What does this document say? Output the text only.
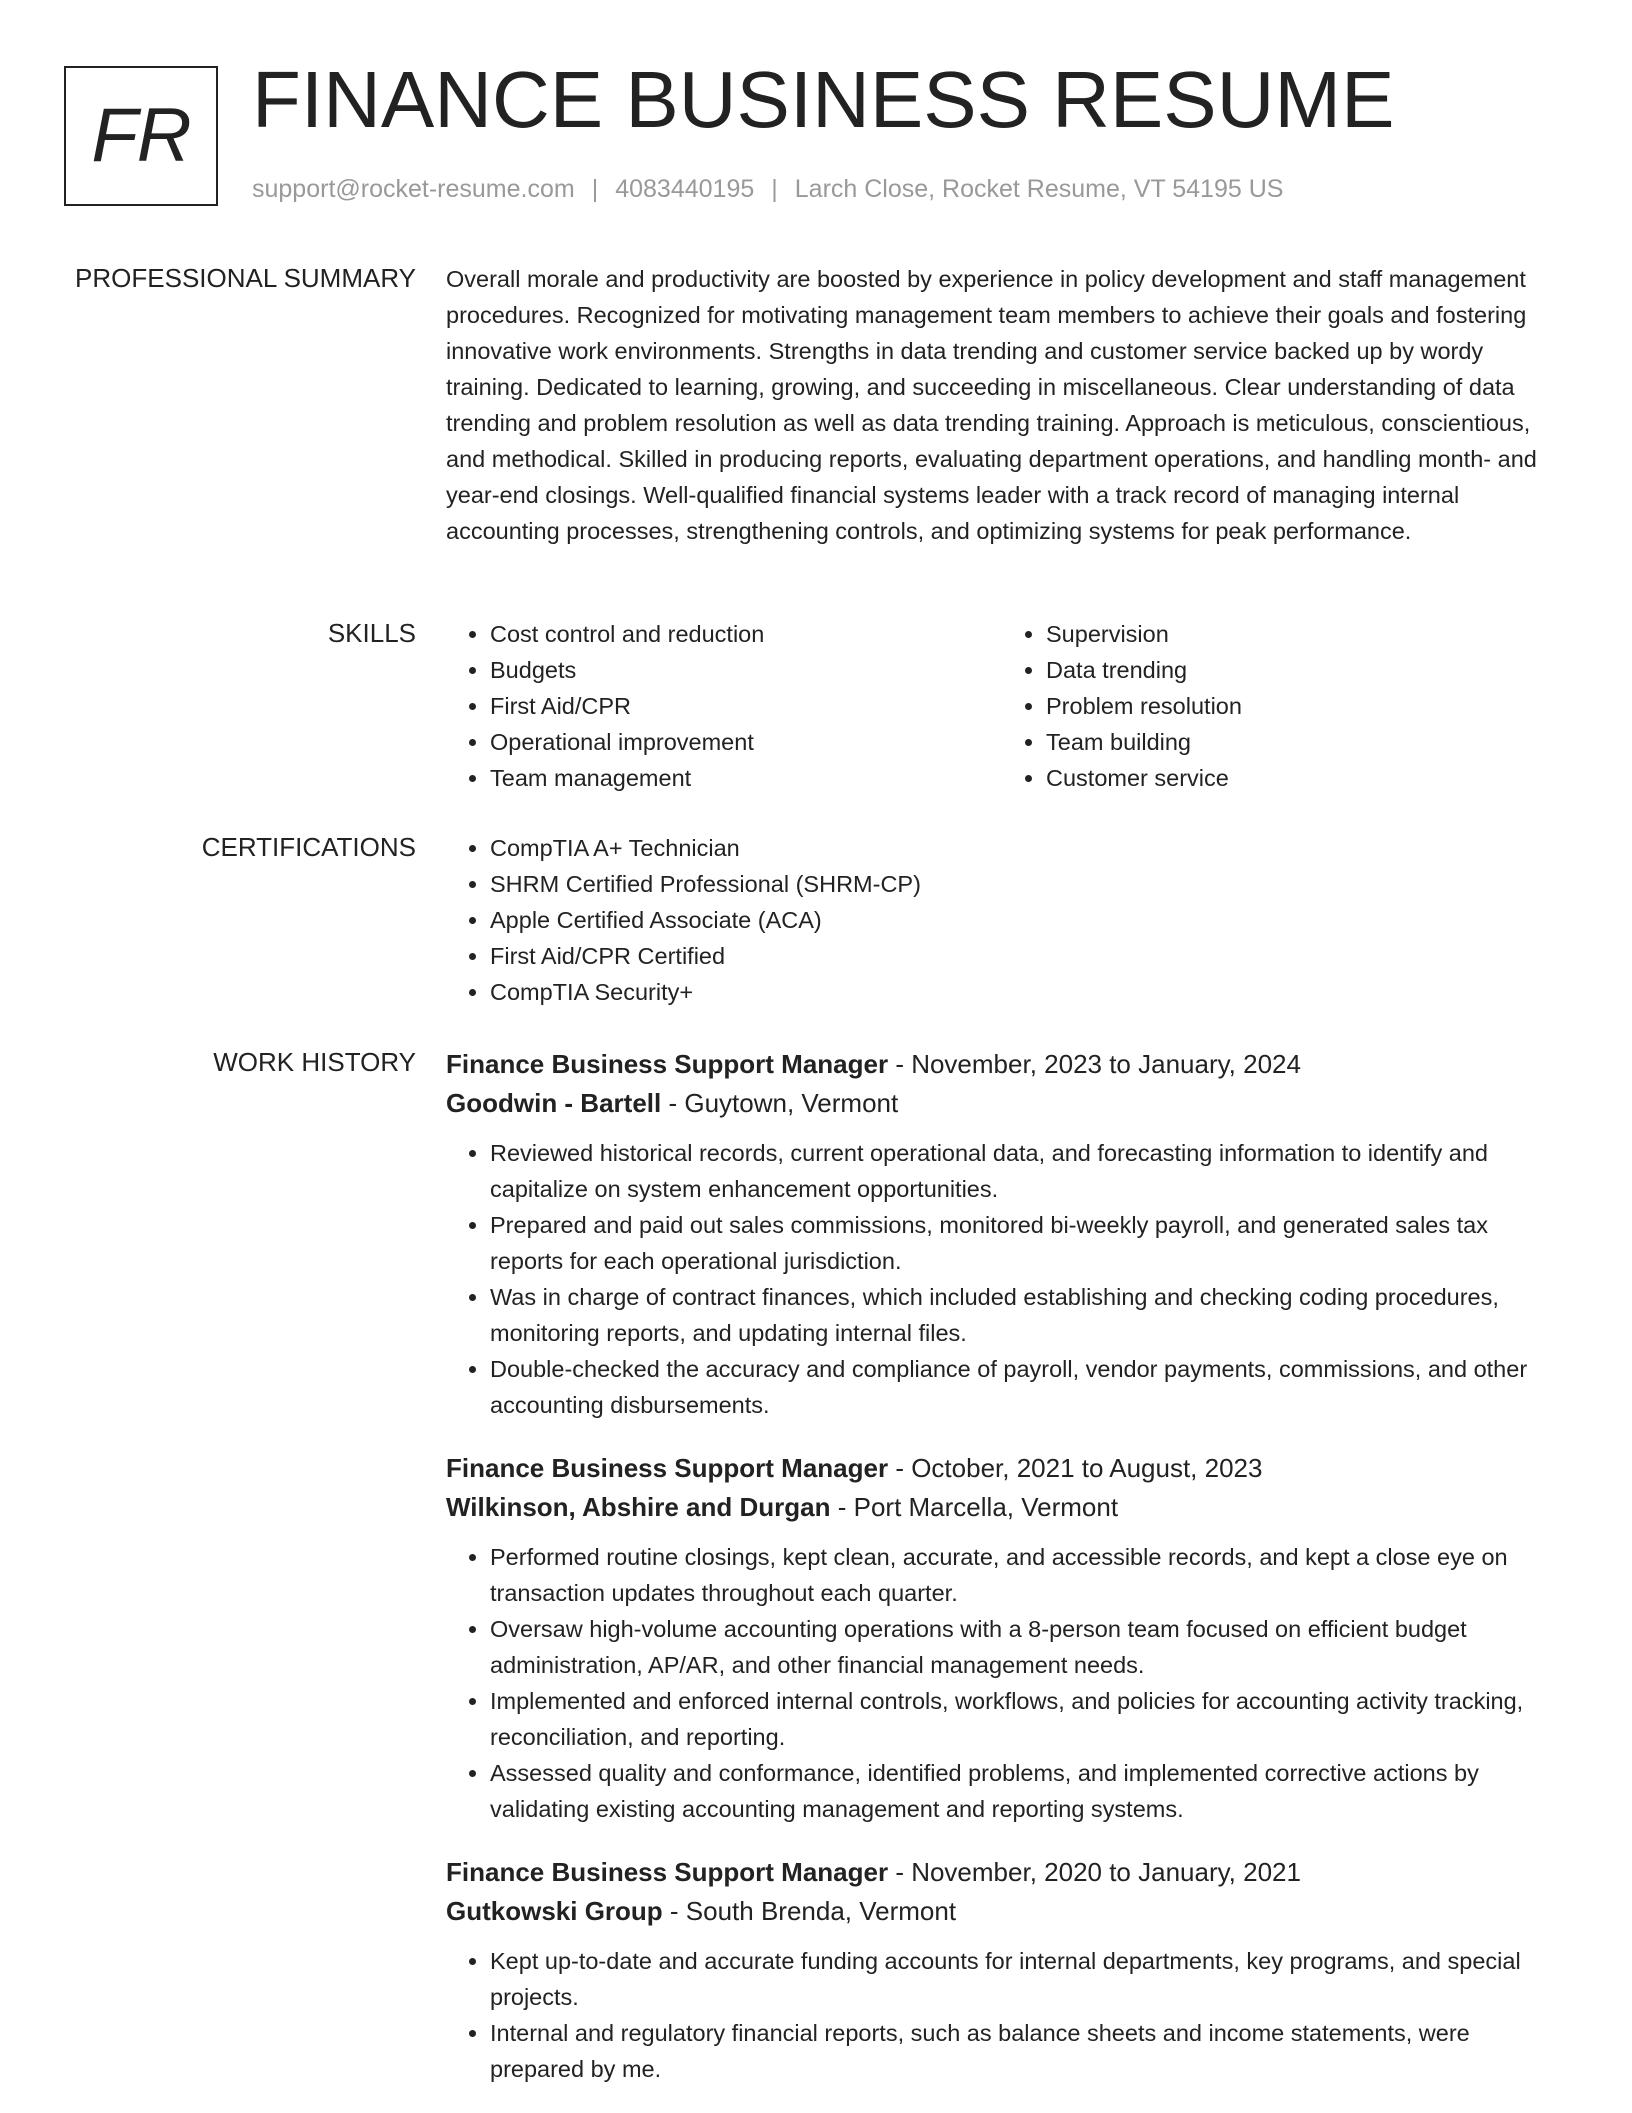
FR FINANCE BUSINESS RESUME
support@rocket-resume.com | 4083440195 | Larch Close, Rocket Resume, VT 54195 US
PROFESSIONAL SUMMARY Overall morale and productivity are boosted by experience in policy development and staff management procedures. Recognized for motivating management team members to achieve their goals and fostering innovative work environments. Strengths in data trending and customer service backed up by wordy training. Dedicated to learning, growing, and succeeding in miscellaneous. Clear understanding of data trending and problem resolution as well as data trending training. Approach is meticulous, conscientious, and methodical. Skilled in producing reports, evaluating department operations, and handling month- and year-end closings. Well-qualified financial systems leader with a track record of managing internal accounting processes, strengthening controls, and optimizing systems for peak performance.

SKILLS	• Cost control and reduction
• Budgets
• First Aid/CPR
• Operational improvement
• Team management
• Supervision
• Data trending
• Problem resolution
• Team building
• Customer service
CERTIFICATIONS	• CompTIA A+ Technician
• SHRM Certified Professional (SHRM-CP)
• Apple Certified Associate (ACA)
• First Aid/CPR Certified
• CompTIA Security+
WORK HISTORY Finance Business Support Manager - November, 2023 to January, 2024
Goodwin - Bartell - Guytown, Vermont
• Reviewed historical records, current operational data, and forecasting information to identify and capitalize on system enhancement opportunities.
• Prepared and paid out sales commissions, monitored bi-weekly payroll, and generated sales tax reports for each operational jurisdiction.
• Was in charge of contract finances, which included establishing and checking coding procedures, monitoring reports, and updating internal files.
• Double-checked the accuracy and compliance of payroll, vendor payments, commissions, and other accounting disbursements.
Finance Business Support Manager - October, 2021 to August, 2023
Wilkinson, Abshire and Durgan - Port Marcella, Vermont
• Performed routine closings, kept clean, accurate, and accessible records, and kept a close eye on transaction updates throughout each quarter.
• Oversaw high-volume accounting operations with a 8-person team focused on efficient budget administration, AP/AR, and other financial management needs.
• Implemented and enforced internal controls, workflows, and policies for accounting activity tracking, reconciliation, and reporting.
• Assessed quality and conformance, identified problems, and implemented corrective actions by validating existing accounting management and reporting systems.
Finance Business Support Manager - November, 2020 to January, 2021
Gutkowski Group - South Brenda, Vermont
• Kept up-to-date and accurate funding accounts for internal departments, key programs, and special projects.
• Internal and regulatory financial reports, such as balance sheets and income statements, were prepared by me.
